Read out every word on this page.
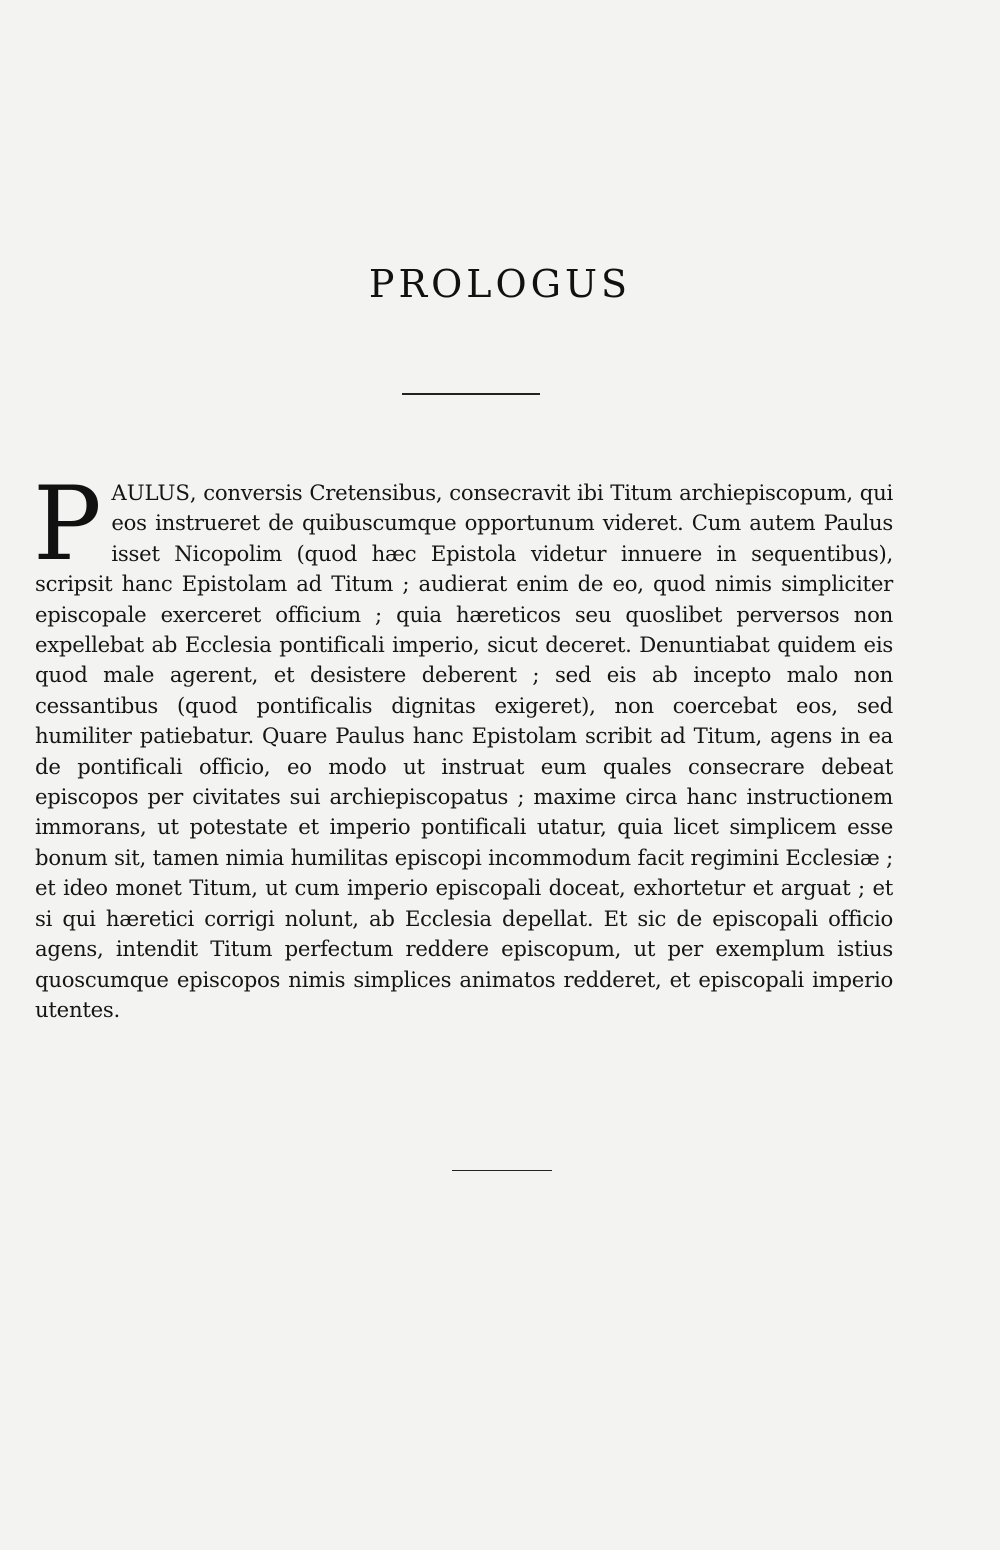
PROLOGUS

PAULUS, conversis Cretensibus, consecravit ibi Titum archiepiscopum, qui eos instrueret de quibuscumque opportunum videret. Cum autem Paulus isset Nicopolim (quod hæc Epistola videtur innuere in sequentibus), scripsit hanc Epistolam ad Titum ; audierat enim de eo, quod nimis simpliciter episcopale exerceret officium ; quia hæreticos seu quoslibet perversos non expellebat ab Ecclesia pontificali imperio, sicut deceret. Denuntiabat quidem eis quod male agerent, et desistere deberent ; sed eis ab incepto malo non cessantibus (quod pontificalis dignitas exigeret), non coercebat eos, sed humiliter patiebatur. Quare Paulus hanc Epistolam scribit ad Titum, agens in ea de pontificali officio, eo modo ut instruat eum quales consecrare debeat episcopos per civitates sui archiepiscopatus ; maxime circa hanc instructionem immorans, ut potestate et imperio pontificali utatur, quia licet simplicem esse bonum sit, tamen nimia humilitas episcopi incommodum facit regimini Ecclesiæ ; et ideo monet Titum, ut cum imperio episcopali doceat, exhortetur et arguat ; et si qui hæretici corrigi nolunt, ab Ecclesia depellat. Et sic de episcopali officio agens, intendit Titum perfectum reddere episcopum, ut per exemplum istius quoscumque episcopos nimis simplices animatos redderet, et episcopali imperio utentes.
